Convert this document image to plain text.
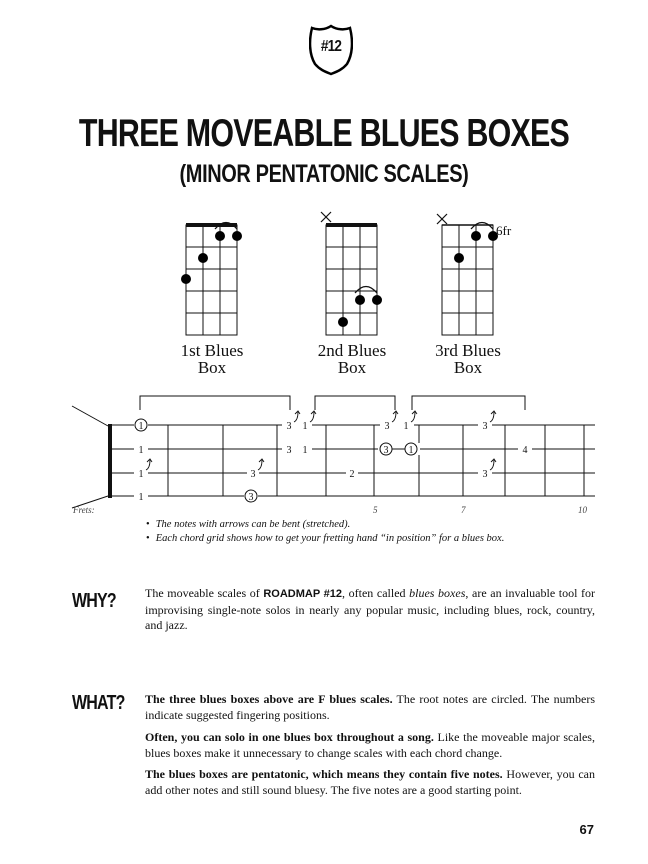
#12
THREE MOVEABLE BLUES BOXES
(MINOR PENTATONIC SCALES)
6fr
1st Blues
Box
2nd Blues
Box
3rd Blues
Box
1
1
1
1	3
3
3
1
1
2
3 1
3 1
3
3
4
3
Frets:	5	7	10
• The notes with arrows can be bent (stretched).
• Each chord grid shows how to get your fretting hand “in position” for a blues box.
WHY? The moveable scales of ROADMAP #12, often called blues boxes, are an invaluable tool for improvising single-note solos in nearly any popular music, including blues, rock, country, and jazz.

WHAT? The three blues boxes above are F blues scales. The root notes are circled. The numbers indicate suggested fingering positions.

Often, you can solo in one blues box throughout a song. Like the moveable major scales, blues boxes make it unnecessary to change scales with each chord change.

The blues boxes are pentatonic, which means they contain five notes. However, you can add other notes and still sound bluesy. The five notes are a good starting point.

67
